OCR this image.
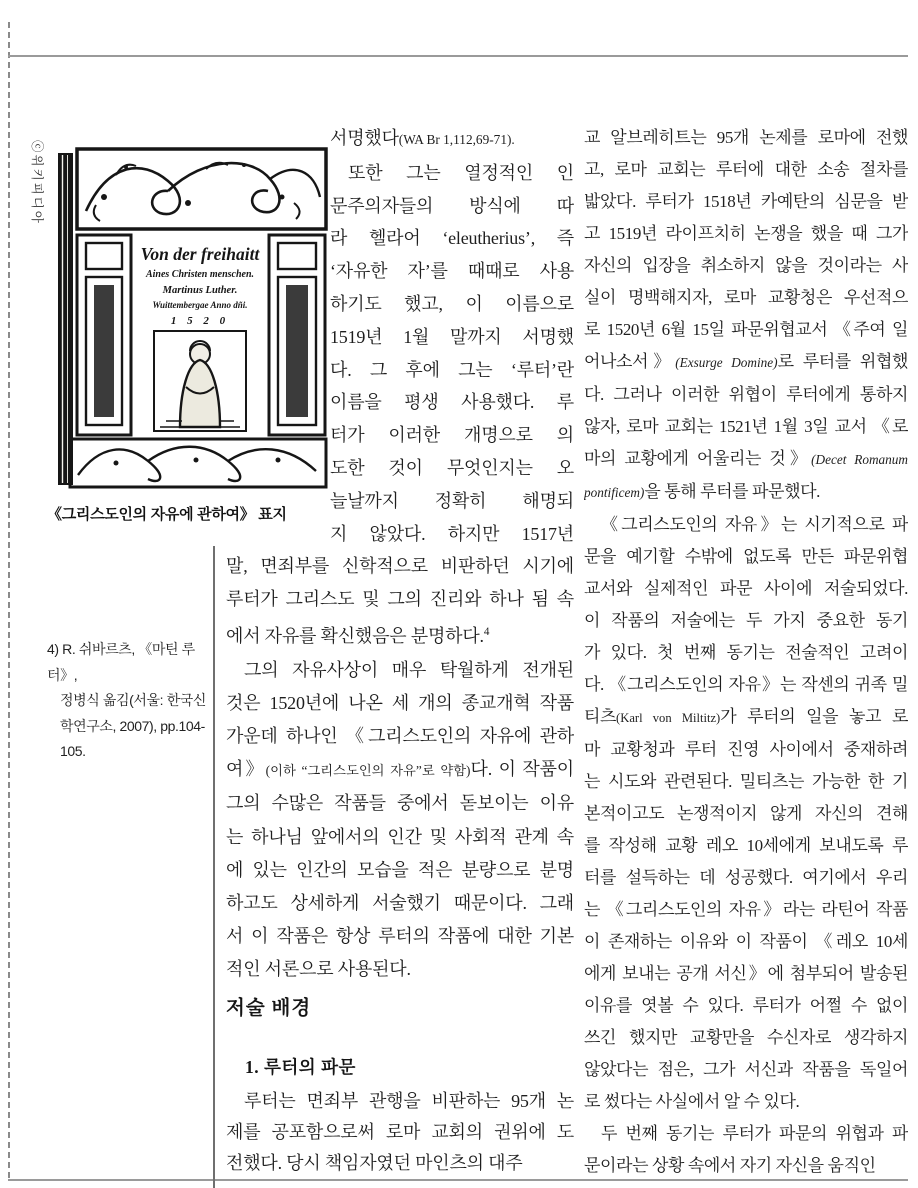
ⓒ위키피디아
Von der freihaitt
Aines Christen menschen.
Martinus Luther.
Wuittembergae Anno dñi.
1 5 2 0
《그리스도인의 자유에 관하여》 표지
4) R. 쉬바르츠, 《마틴 루터》,
정병식 옮김(서울: 한국신
학연구소, 2007), pp.104-
105.
서명했다(WA Br 1,112,69-71).
또한 그는 열정적인 인
문주의자들의 방식에 따
라 헬라어 ‘eleutherius’, 즉
‘자유한 자’를 때때로 사용
하기도 했고, 이 이름으로
1519년 1월 말까지 서명했
다. 그 후에 그는 ‘루터’란
이름을 평생 사용했다. 루
터가 이러한 개명으로 의
도한 것이 무엇인지는 오
늘날까지 정확히 해명되
지 않았다. 하지만 1517년
말, 면죄부를 신학적으로 비판하던 시기에
루터가 그리스도 및 그의 진리와 하나 됨 속
에서 자유를 확신했음은 분명하다.$^4$
그의 자유사상이 매우 탁월하게 전개된
것은 1520년에 나온 세 개의 종교개혁 작품
가운데 하나인 《그리스도인의 자유에 관하
여》(이하 “그리스도인의 자유”로 약함)다. 이 작품이
그의 수많은 작품들 중에서 돋보이는 이유
는 하나님 앞에서의 인간 및 사회적 관계 속
에 있는 인간의 모습을 적은 분량으로 분명
하고도 상세하게 서술했기 때문이다. 그래
서 이 작품은 항상 루터의 작품에 대한 기본
적인 서론으로 사용된다.
저술 배경
1. 루터의 파문
루터는 면죄부 관행을 비판하는 95개 논
제를 공포함으로써 로마 교회의 권위에 도
전했다. 당시 책임자였던 마인츠의 대주
교 알브레히트는 95개 논제를 로마에 전했
고, 로마 교회는 루터에 대한 소송 절차를
밟았다. 루터가 1518년 카예탄의 심문을 받
고 1519년 라이프치히 논쟁을 했을 때 그가
자신의 입장을 취소하지 않을 것이라는 사
실이 명백해지자, 로마 교황청은 우선적으
로 1520년 6월 15일 파문위협교서 《주여 일
어나소서》(Exsurge Domine)로 루터를 위협했
다. 그러나 이러한 위협이 루터에게 통하지
않자, 로마 교회는 1521년 1월 3일 교서 《로
마의 교황에게 어울리는 것》(Decet Romanum
pontificem)을 통해 루터를 파문했다.
《그리스도인의 자유》는 시기적으로 파
문을 예기할 수밖에 없도록 만든 파문위협
교서와 실제적인 파문 사이에 저술되었다.
이 작품의 저술에는 두 가지 중요한 동기
가 있다. 첫 번째 동기는 전술적인 고려이
다. 《그리스도인의 자유》는 작센의 귀족 밀
티츠(Karl von Miltitz)가 루터의 일을 놓고 로
마 교황청과 루터 진영 사이에서 중재하려
는 시도와 관련된다. 밀티츠는 가능한 한 기
본적이고도 논쟁적이지 않게 자신의 견해
를 작성해 교황 레오 10세에게 보내도록 루
터를 설득하는 데 성공했다. 여기에서 우리
는 《그리스도인의 자유》라는 라틴어 작품
이 존재하는 이유와 이 작품이 《레오 10세
에게 보내는 공개 서신》에 첨부되어 발송된
이유를 엿볼 수 있다. 루터가 어쩔 수 없이
쓰긴 했지만 교황만을 수신자로 생각하지
않았다는 점은, 그가 서신과 작품을 독일어
로 썼다는 사실에서 알 수 있다.
두 번째 동기는 루터가 파문의 위협과 파
문이라는 상황 속에서 자기 자신을 움직인
